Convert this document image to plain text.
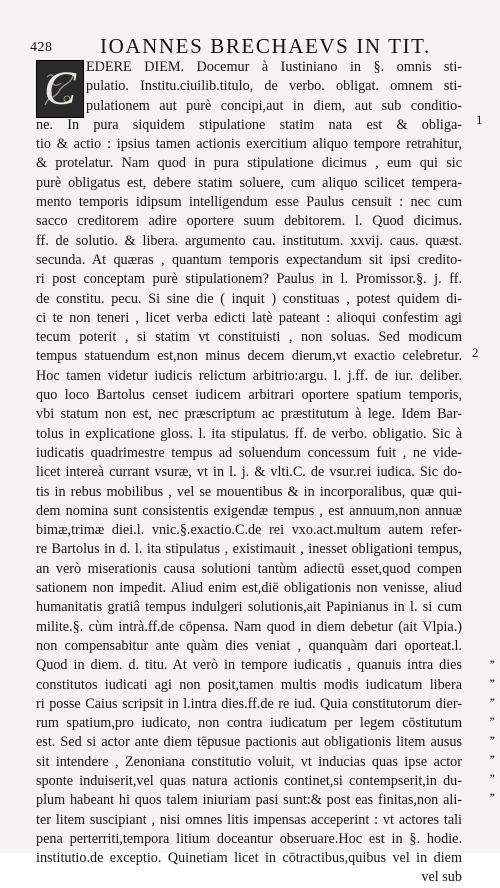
428 IOANNES BRECHAEVS IN TIT.
C EDERE DIEM. Docemur à Iustiniano in §. omnis sti-
pulatio. Institu.ciuilib.titulo, de verbo. obligat. omnem sti-
pulationem aut purè concipi,aut in diem, aut sub conditio-
ne. In pura siquidem stipulatione statim nata est & obliga-
tio & actio : ipsius tamen actionis exercitium aliquo tempore retrahitur,
& protelatur. Nam quod in pura stipulatione dicimus , eum qui sic
purè obligatus est, debere statim soluere, cum aliquo scilicet tempera-
mento temporis idipsum intelligendum esse Paulus censuit : nec cum
sacco creditorem adire oportere suum debitorem. l. Quod dicimus.
ff. de solutio. & libera. argumento cau. institutum. xxvij. caus. quæst.
secunda. At quæras , quantum temporis expectandum sit ipsi credito-
ri post conceptam purè stipulationem? Paulus in l. Promissor.§. j. ff.
de constitu. pecu. Si sine die ( inquit ) constituas , potest quidem di-
ci te non teneri , licet verba edicti latè pateant : alioqui confestim agi
tecum poterit , si statim vt constituisti , non soluas. Sed modicum
tempus statuendum est,non minus decem dierum,vt exactio celebretur.
Hoc tamen videtur iudicis relictum arbitrio:argu. l. j.ff. de iur. deliber.
quo loco Bartolus censet iudicem arbitrari oportere spatium temporis,
vbi statum non est, nec præscriptum ac præstitutum à lege. Idem Bar-
tolus in explicatione gloss. l. ita stipulatus. ff. de verbo. obligatio. Sic à
iudicatis quadrimestre tempus ad soluendum concessum fuit , ne vide-
licet intereà currant vsuræ, vt in l. j. & vlti.C. de vsur.rei iudica. Sic do-
tis in rebus mobilibus , vel se mouentibus & in incorporalibus, quæ qui-
dem nomina sunt consistentis exigendæ tempus , est annuum,non annuæ
bimæ,trimæ diei.l. vnic.§.exactio.C.de rei vxo.act.multum autem refer-
re Bartolus in d. l. ita stipulatus , existimauit , inesset obligationi tempus,
an verò miserationis causa solutioni tantùm adiectū esset,quod compen
sationem non impedit. Aliud enim est,diē obligationis non venisse, aliud
humanitatis gratiâ tempus indulgeri solutionis,ait Papinianus in l. si cum
milite.§. cùm intrà.ff.de cōpensa. Nam quod in diem debetur (ait Vlpia.)
non compensabitur ante quàm dies veniat , quanquàm dari oporteat.l.
Quod in diem. d. titu. At verò in tempore iudicatis , quanuis intra dies
constitutos iudicati agi non posit,tamen multis modis iudicatum libera
ri posse Caius scripsit in l.intra dies.ff.de re iud. Quia constitutorum dier-
rum spatium,pro iudicato, non contra iudicatum per legem cōstitutum
est. Sed si actor ante diem tēpusue pactionis aut obligationis litem ausus
sit intendere , Zenoniana constitutio voluit, vt inducias quas ipse actor
sponte induiserit,vel quas natura actionis continet,si contempserit,in du-
plum habeant hi quos talem iniuriam pasi sunt:& post eas finitas,non ali-
ter litem suscipiant , nisi omnes litis impensas acceperint : vt actores tali
pena perterriti,tempora litium doceantur obseruare.Hoc est in §. hodie.
institutio.de exceptio. Quinetiam licet in cōtractibus,quibus vel in diem
vel sub
1
2
,,
,,
,,
,,
,,
,,
,,
,,
